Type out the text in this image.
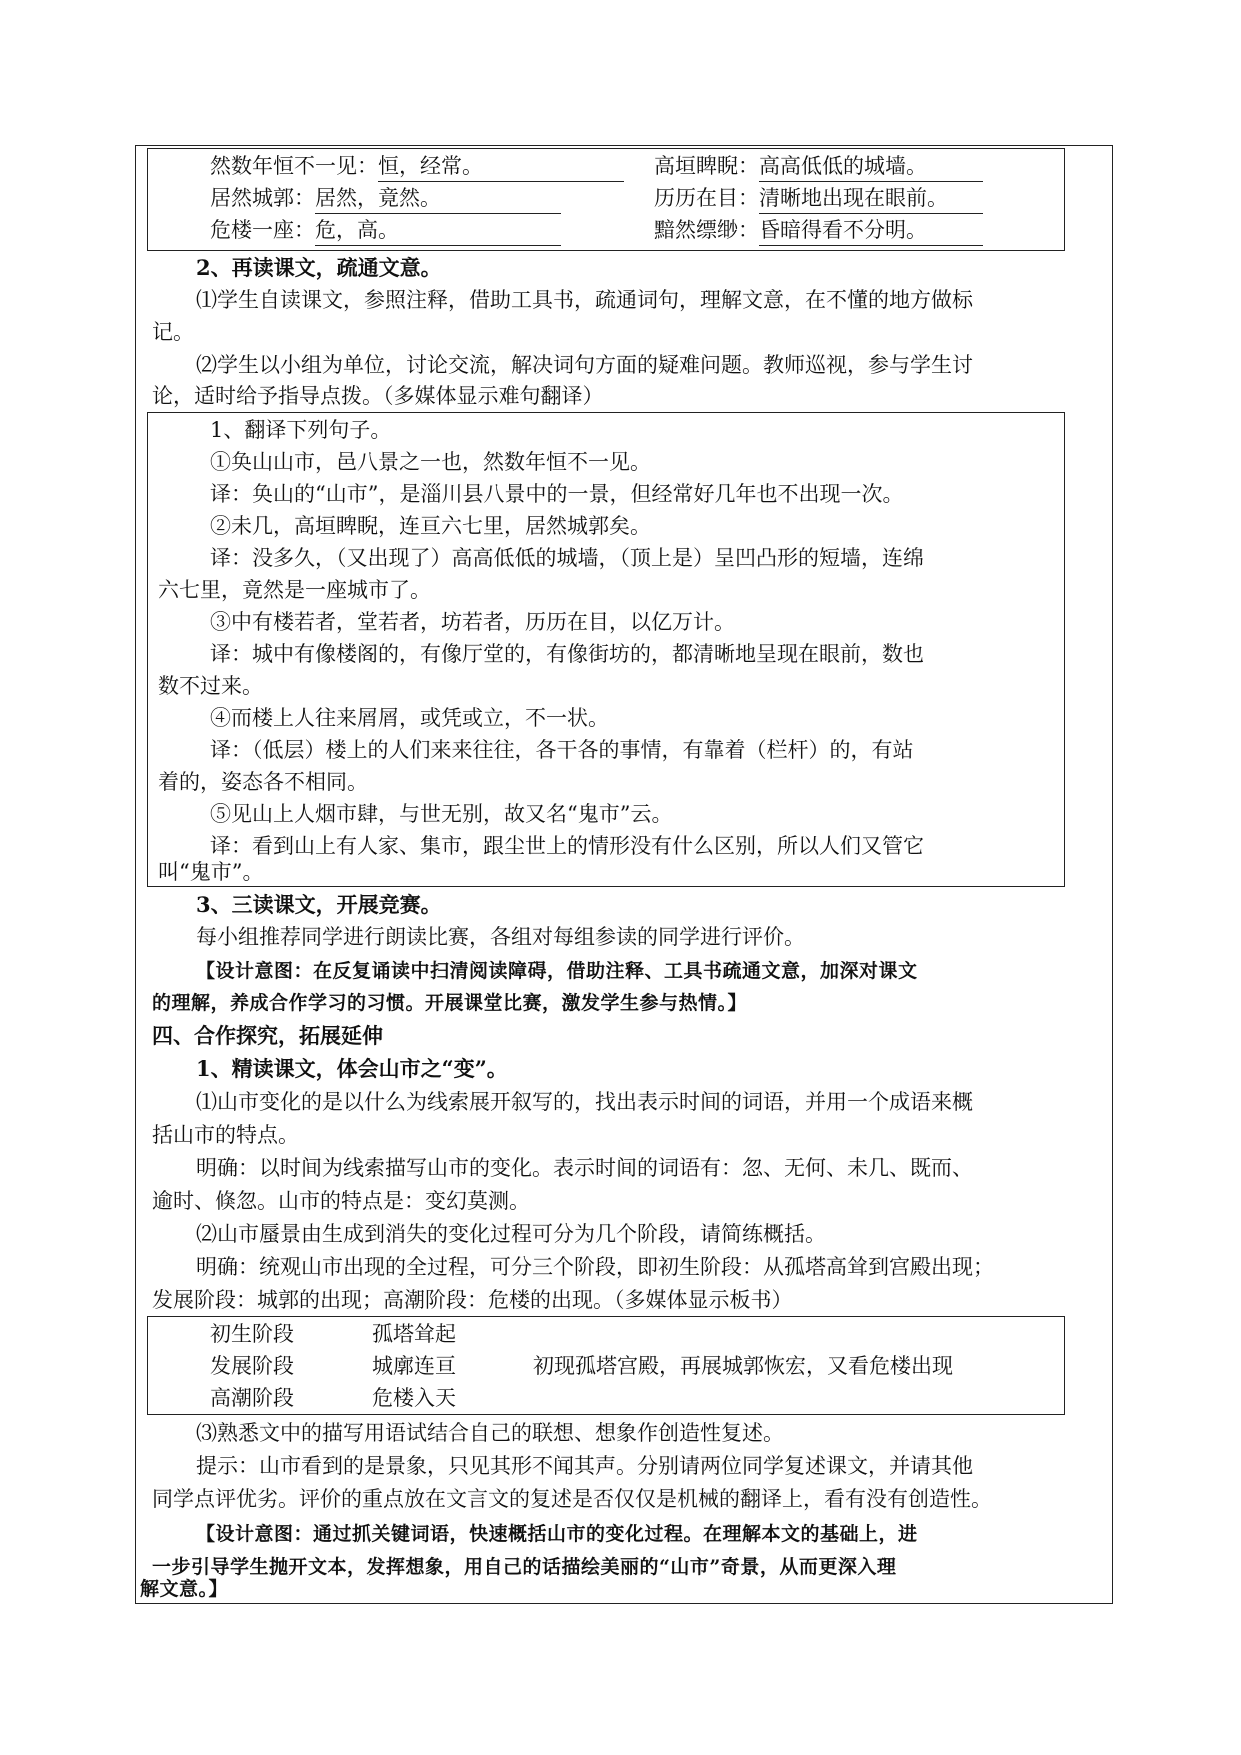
然数年恒不一见：恒，经常。	高垣睥睨：高高低低的城墙。
居然城郭：居然，竟然。	历历在目：清晰地出现在眼前。
危楼一座：危，高。	黯然缥缈：昏暗得看不分明。
2、再读课文，疏通文意。
⑴学生自读课文，参照注释，借助工具书，疏通词句，理解文意，在不懂的地方做标
记。
⑵学生以小组为单位，讨论交流，解决词句方面的疑难问题。教师巡视，参与学生讨
论，适时给予指导点拨。（多媒体显示难句翻译）
1、翻译下列句子。
①奂山山市，邑八景之一也，然数年恒不一见。
译：奂山的“山市”，是淄川县八景中的一景，但经常好几年也不出现一次。
②未几，高垣睥睨，连亘六七里，居然城郭矣。
译：没多久，（又出现了）高高低低的城墙，（顶上是）呈凹凸形的短墙，连绵
六七里，竟然是一座城市了。
③中有楼若者，堂若者，坊若者，历历在目，以亿万计。
译：城中有像楼阁的，有像厅堂的，有像街坊的，都清晰地呈现在眼前，数也
数不过来。
④而楼上人往来屑屑，或凭或立，不一状。
译：（低层）楼上的人们来来往往，各干各的事情，有靠着（栏杆）的，有站
着的，姿态各不相同。
⑤见山上人烟市肆，与世无别，故又名“鬼市”云。
译：看到山上有人家、集市，跟尘世上的情形没有什么区别，所以人们又管它
叫“鬼市”。
3、三读课文，开展竞赛。
每小组推荐同学进行朗读比赛，各组对每组参读的同学进行评价。
【设计意图：在反复诵读中扫清阅读障碍，借助注释、工具书疏通文意，加深对课文
的理解，养成合作学习的习惯。开展课堂比赛，激发学生参与热情。】
四、合作探究，拓展延伸
1、精读课文，体会山市之“变”。
⑴山市变化的是以什么为线索展开叙写的，找出表示时间的词语，并用一个成语来概
括山市的特点。
明确：以时间为线索描写山市的变化。表示时间的词语有：忽、无何、未几、既而、
逾时、倏忽。山市的特点是：变幻莫测。
⑵山市蜃景由生成到消失的变化过程可分为几个阶段，请简练概括。
明确：统观山市出现的全过程，可分三个阶段，即初生阶段：从孤塔高耸到宫殿出现；
发展阶段：城郭的出现；高潮阶段：危楼的出现。（多媒体显示板书）
初生阶段	孤塔耸起
发展阶段	城廓连亘	初现孤塔宫殿，再展城郭恢宏，又看危楼出现
高潮阶段	危楼入天
⑶熟悉文中的描写用语试结合自己的联想、想象作创造性复述。
提示：山市看到的是景象，只见其形不闻其声。分别请两位同学复述课文，并请其他
同学点评优劣。评价的重点放在文言文的复述是否仅仅是机械的翻译上，看有没有创造性。
【设计意图：通过抓关键词语，快速概括山市的变化过程。在理解本文的基础上，进
一步引导学生抛开文本，发挥想象，用自己的话描绘美丽的“山市”奇景，从而更深入理
解文意。】
